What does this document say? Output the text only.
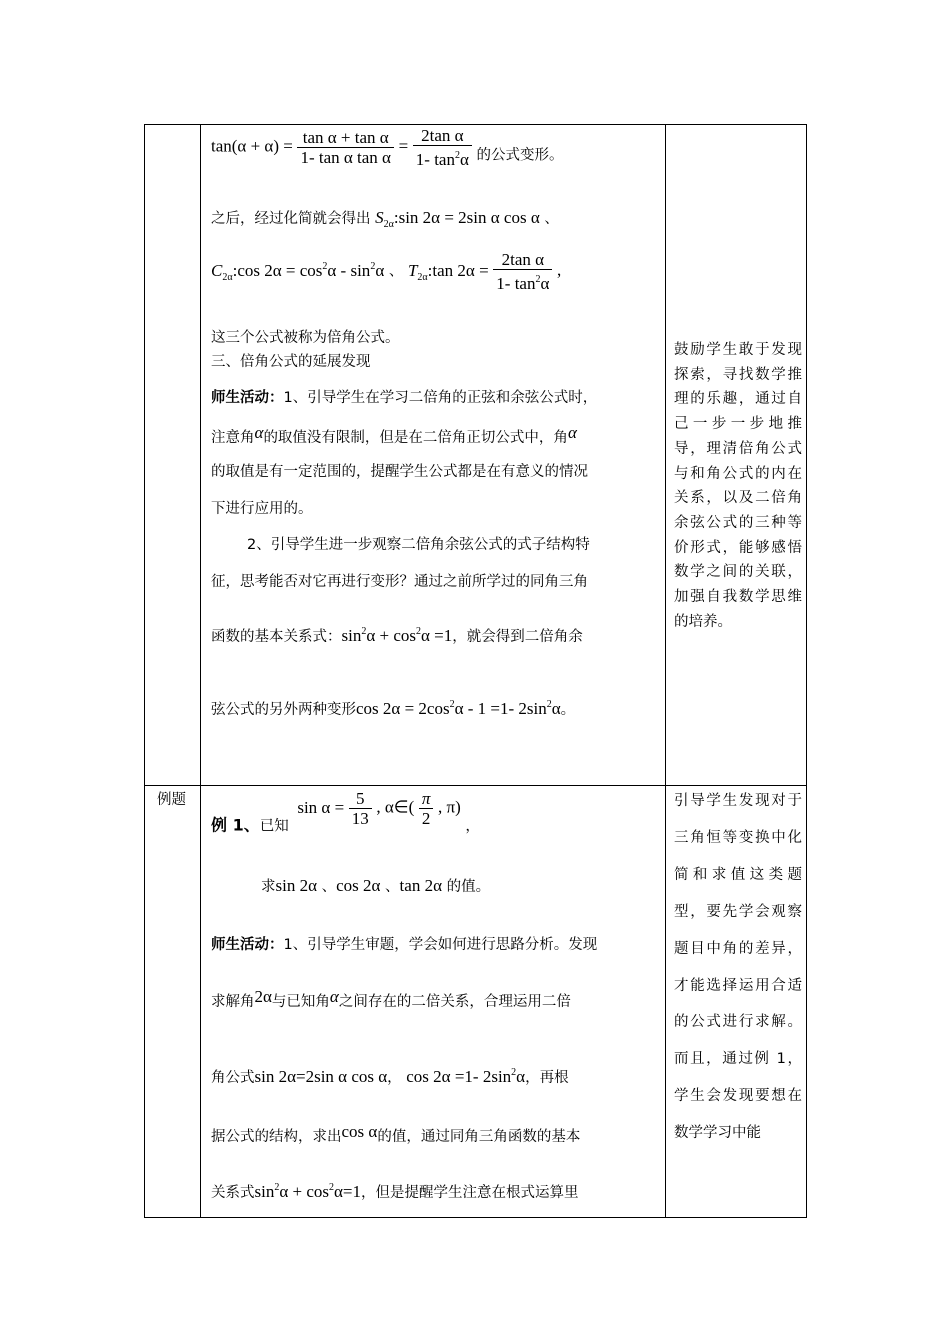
$\tan(\alpha + \alpha) = \frac{\text{tan α + tan α}}{\text{1- tan α tan α}} = \frac{\text{2tan α}}{1- \tan^2\alpha}$ 的公式变形。
之后，经过化简就会得出 $S_{2\alpha}:\sin$ 2α = 2sin α cos α 、
$C_{2\alpha}:\cos$ $2\alpha = \cos^2\alpha - \sin^2\alpha$ 、 $T_{2\alpha}:\tan$ $2\alpha = \frac{\text{2tan α}}{1- \tan^2\alpha}$ ,
这三个公式被称为倍角公式。
三、倍角公式的延展发现
师生活动：1、引导学生在学习二倍角的正弦和余弦公式时，
注意角α的取值没有限制，但是在二倍角正切公式中，角α
的取值是有一定范围的，提醒学生公式都是在有意义的情况
下进行应用的。
2、引导学生进一步观察二倍角余弦公式的式子结构特
征，思考能否对它再进行变形？通过之前所学过的同角三角
函数的基本关系式：$\sin^2\alpha + \cos^2\alpha =1$，就会得到二倍角余
弦公式的另外两种变形$\cos 2\alpha = 2\cos^2\alpha - 1 =1-$ $2\sin^2\alpha$。
鼓励学生敢于发现探索，寻找数学推理的乐趣，通过自己一步一步地推导，理清倍角公式与和角公式的内在关系，以及二倍角余弦公式的三种等价形式，能够感悟数学之间的关联，加强自我数学思维的培养。
例题
例 1、已知 $\sin \alpha = \frac{5}{13}$ , α∈( $\frac{\pi}{2}$ , π) ，
求sin 2α 、cos 2α 、tan 2α 的值。
师生活动：1、引导学生审题，学会如何进行思路分析。发现
求解角2α与已知角α之间存在的二倍关系，合理运用二倍
角公式sin 2α=2sin α cos α， cos 2α =1- $2\sin^2\alpha$，再根
据公式的结构，求出cos α的值，通过同角三角函数的基本
关系式$\sin^2\alpha + \cos^2\alpha=1$，但是提醒学生注意在根式运算里
引导学生发现对于三角恒等变换中化简和求值这类题型，要先学会观察题目中角的差异，才能选择运用合适的公式进行求解。而且，通过例 1，学生会发现要想在数学学习中能
